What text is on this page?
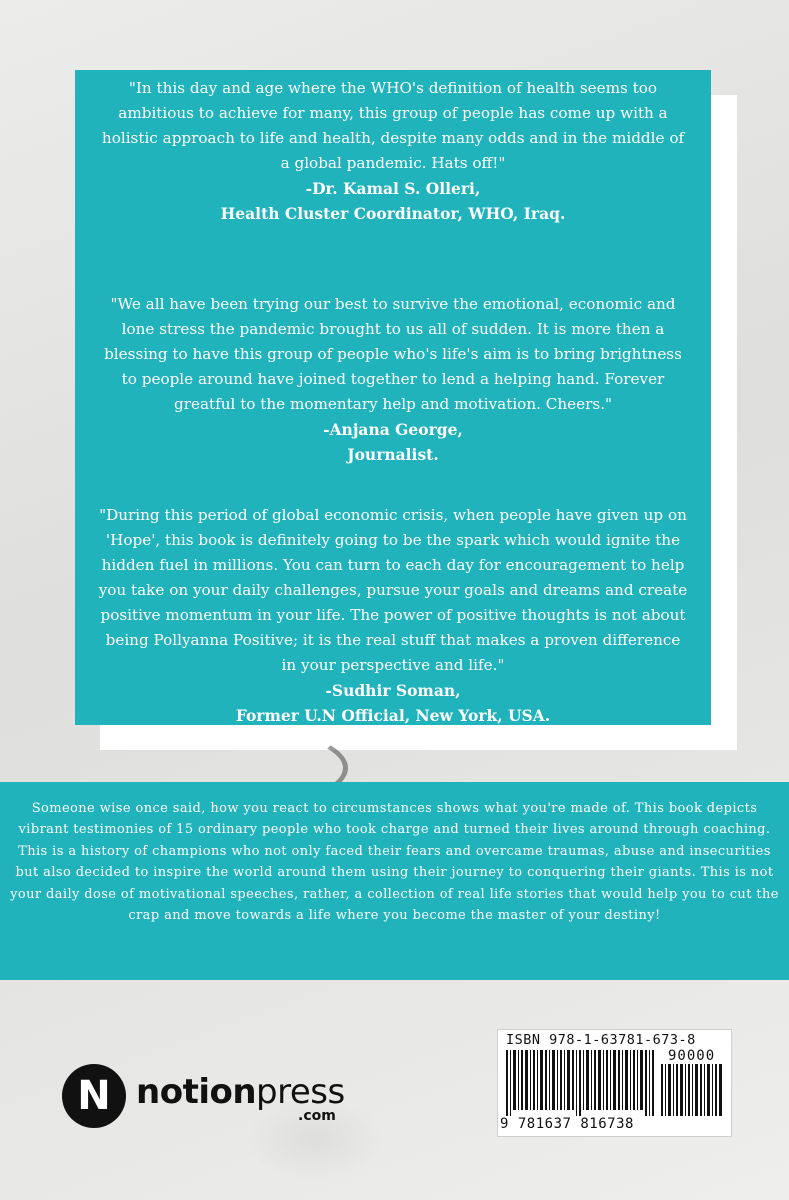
"In this day and age where the WHO's definition of health seems too ambitious to achieve for many, this group of people has come up with a holistic approach to life and health, despite many odds and in the middle of a global pandemic. Hats off!"

-Dr. Kamal S. Olleri,
Health Cluster Coordinator, WHO, Iraq.

"We all have been trying our best to survive the emotional, economic and lone stress the pandemic brought to us all of sudden. It is more then a blessing to have this group of people who's life's aim is to bring brightness to people around have joined together to lend a helping hand. Forever greatful to the momentary help and motivation. Cheers."

-Anjana George,
Journalist.

"During this period of global economic crisis, when people have given up on 'Hope', this book is definitely going to be the spark which would ignite the hidden fuel in millions. You can turn to each day for encouragement to help you take on your daily challenges, pursue your goals and dreams and create positive momentum in your life. The power of positive thoughts is not about being Pollyanna Positive; it is the real stuff that makes a proven difference in your perspective and life."

-Sudhir Soman,
Former U.N Official, New York, USA.

Someone wise once said, how you react to circumstances shows what you're made of. This book depicts vibrant testimonies of 15 ordinary people who took charge and turned their lives around through coaching. This is a history of champions who not only faced their fears and overcame traumas, abuse and insecurities but also decided to inspire the world around them using their journey to conquering their giants. This is not your daily dose of motivational speeches, rather, a collection of real life stories that would help you to cut the crap and move towards a life where you become the master of your destiny!

N notionpress
.com
ISBN 978-1-63781-673-8
90000
9 781637 816738
